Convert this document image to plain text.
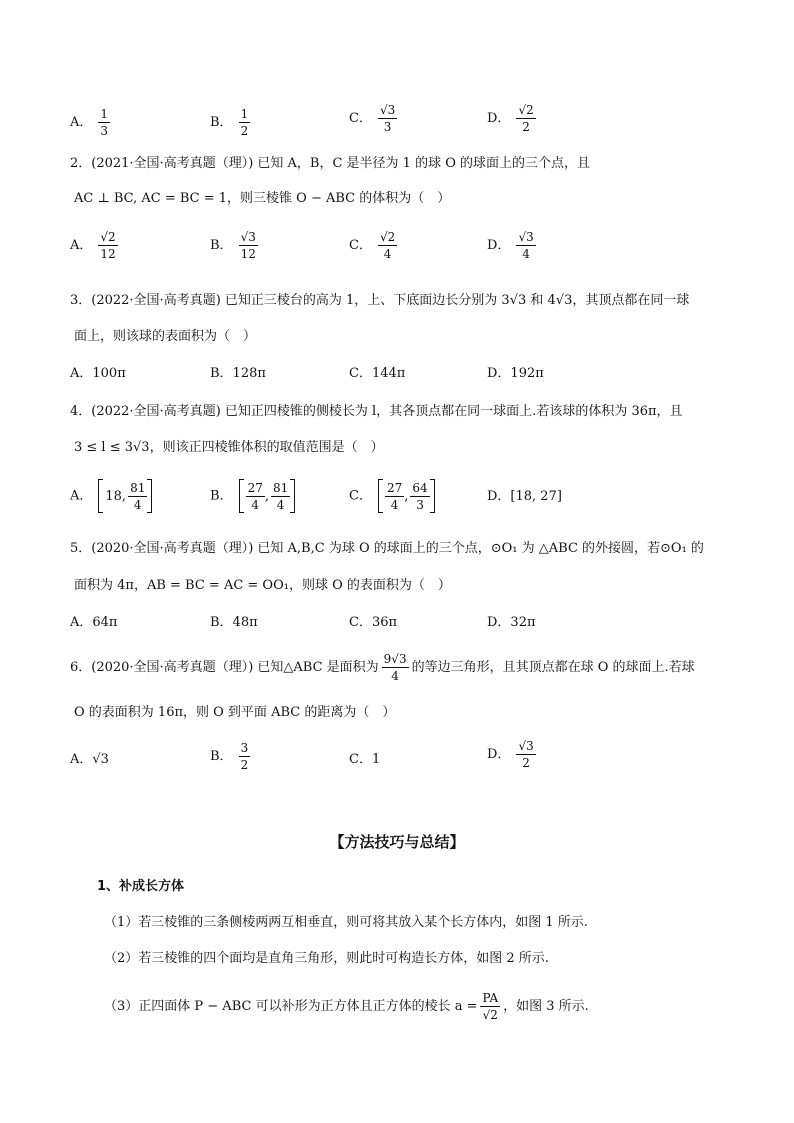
A． $\frac{1}{3}$	B． $\frac{1}{2}$	C． $\frac{√3}{3}$	D． $\frac{√2}{2}$
2．(2021·全国·高考真题（理）) 已知 A，B，C 是半径为 1 的球 O 的球面上的三个点，且
AC ⊥ BC, AC = BC = 1，则三棱锥 O − ABC 的体积为（　）
A． $\frac{√2}{12}$	B． $\frac{√3}{12}$	C． $\frac{√2}{4}$	D． $\frac{√3}{4}$
3．(2022·全国·高考真题) 已知正三棱台的高为 1，上、下底面边长分别为 3√3 和 4√3，其顶点都在同一球
面上，则该球的表面积为（　）
A．100π	B．128π	C．144π	D．192π
4．(2022·全国·高考真题) 已知正四棱锥的侧棱长为 l，其各顶点都在同一球面上.若该球的体积为 36π，且
3 ≤ l ≤ 3√3，则该正四棱锥体积的取值范围是（　）
A． 18, $\frac{81}{4}$	B． $\frac{27}{4}$ , $\frac{81}{4}$	C． $\frac{27}{4}$ , $\frac{64}{3}$	D．[18, 27]
5．(2020·全国·高考真题（理）) 已知 A,B,C 为球 O 的球面上的三个点，⊙O₁ 为 △ABC 的外接圆，若⊙O₁ 的
面积为 4π，AB = BC = AC = OO₁，则球 O 的表面积为（　）
A．64π	B．48π	C．36π	D．32π
6．(2020·全国·高考真题（理）) 已知△ABC 是面积为 $\frac{9√3}{4}$ 的等边三角形，且其顶点都在球 O 的球面上.若球
O 的表面积为 16π，则 O 到平面 ABC 的距离为（　）
A．√3	B． $\frac{3}{2}$	C．1	D． $\frac{√3}{2}$
【方法技巧与总结】
1、补成长方体
（1）若三棱锥的三条侧棱两两互相垂直，则可将其放入某个长方体内，如图 1 所示.
（2）若三棱锥的四个面均是直角三角形，则此时可构造长方体，如图 2 所示.
（3）正四面体 P − ABC 可以补形为正方体且正方体的棱长 $a = \frac{PA}{√2}$ ，如图 3 所示.
